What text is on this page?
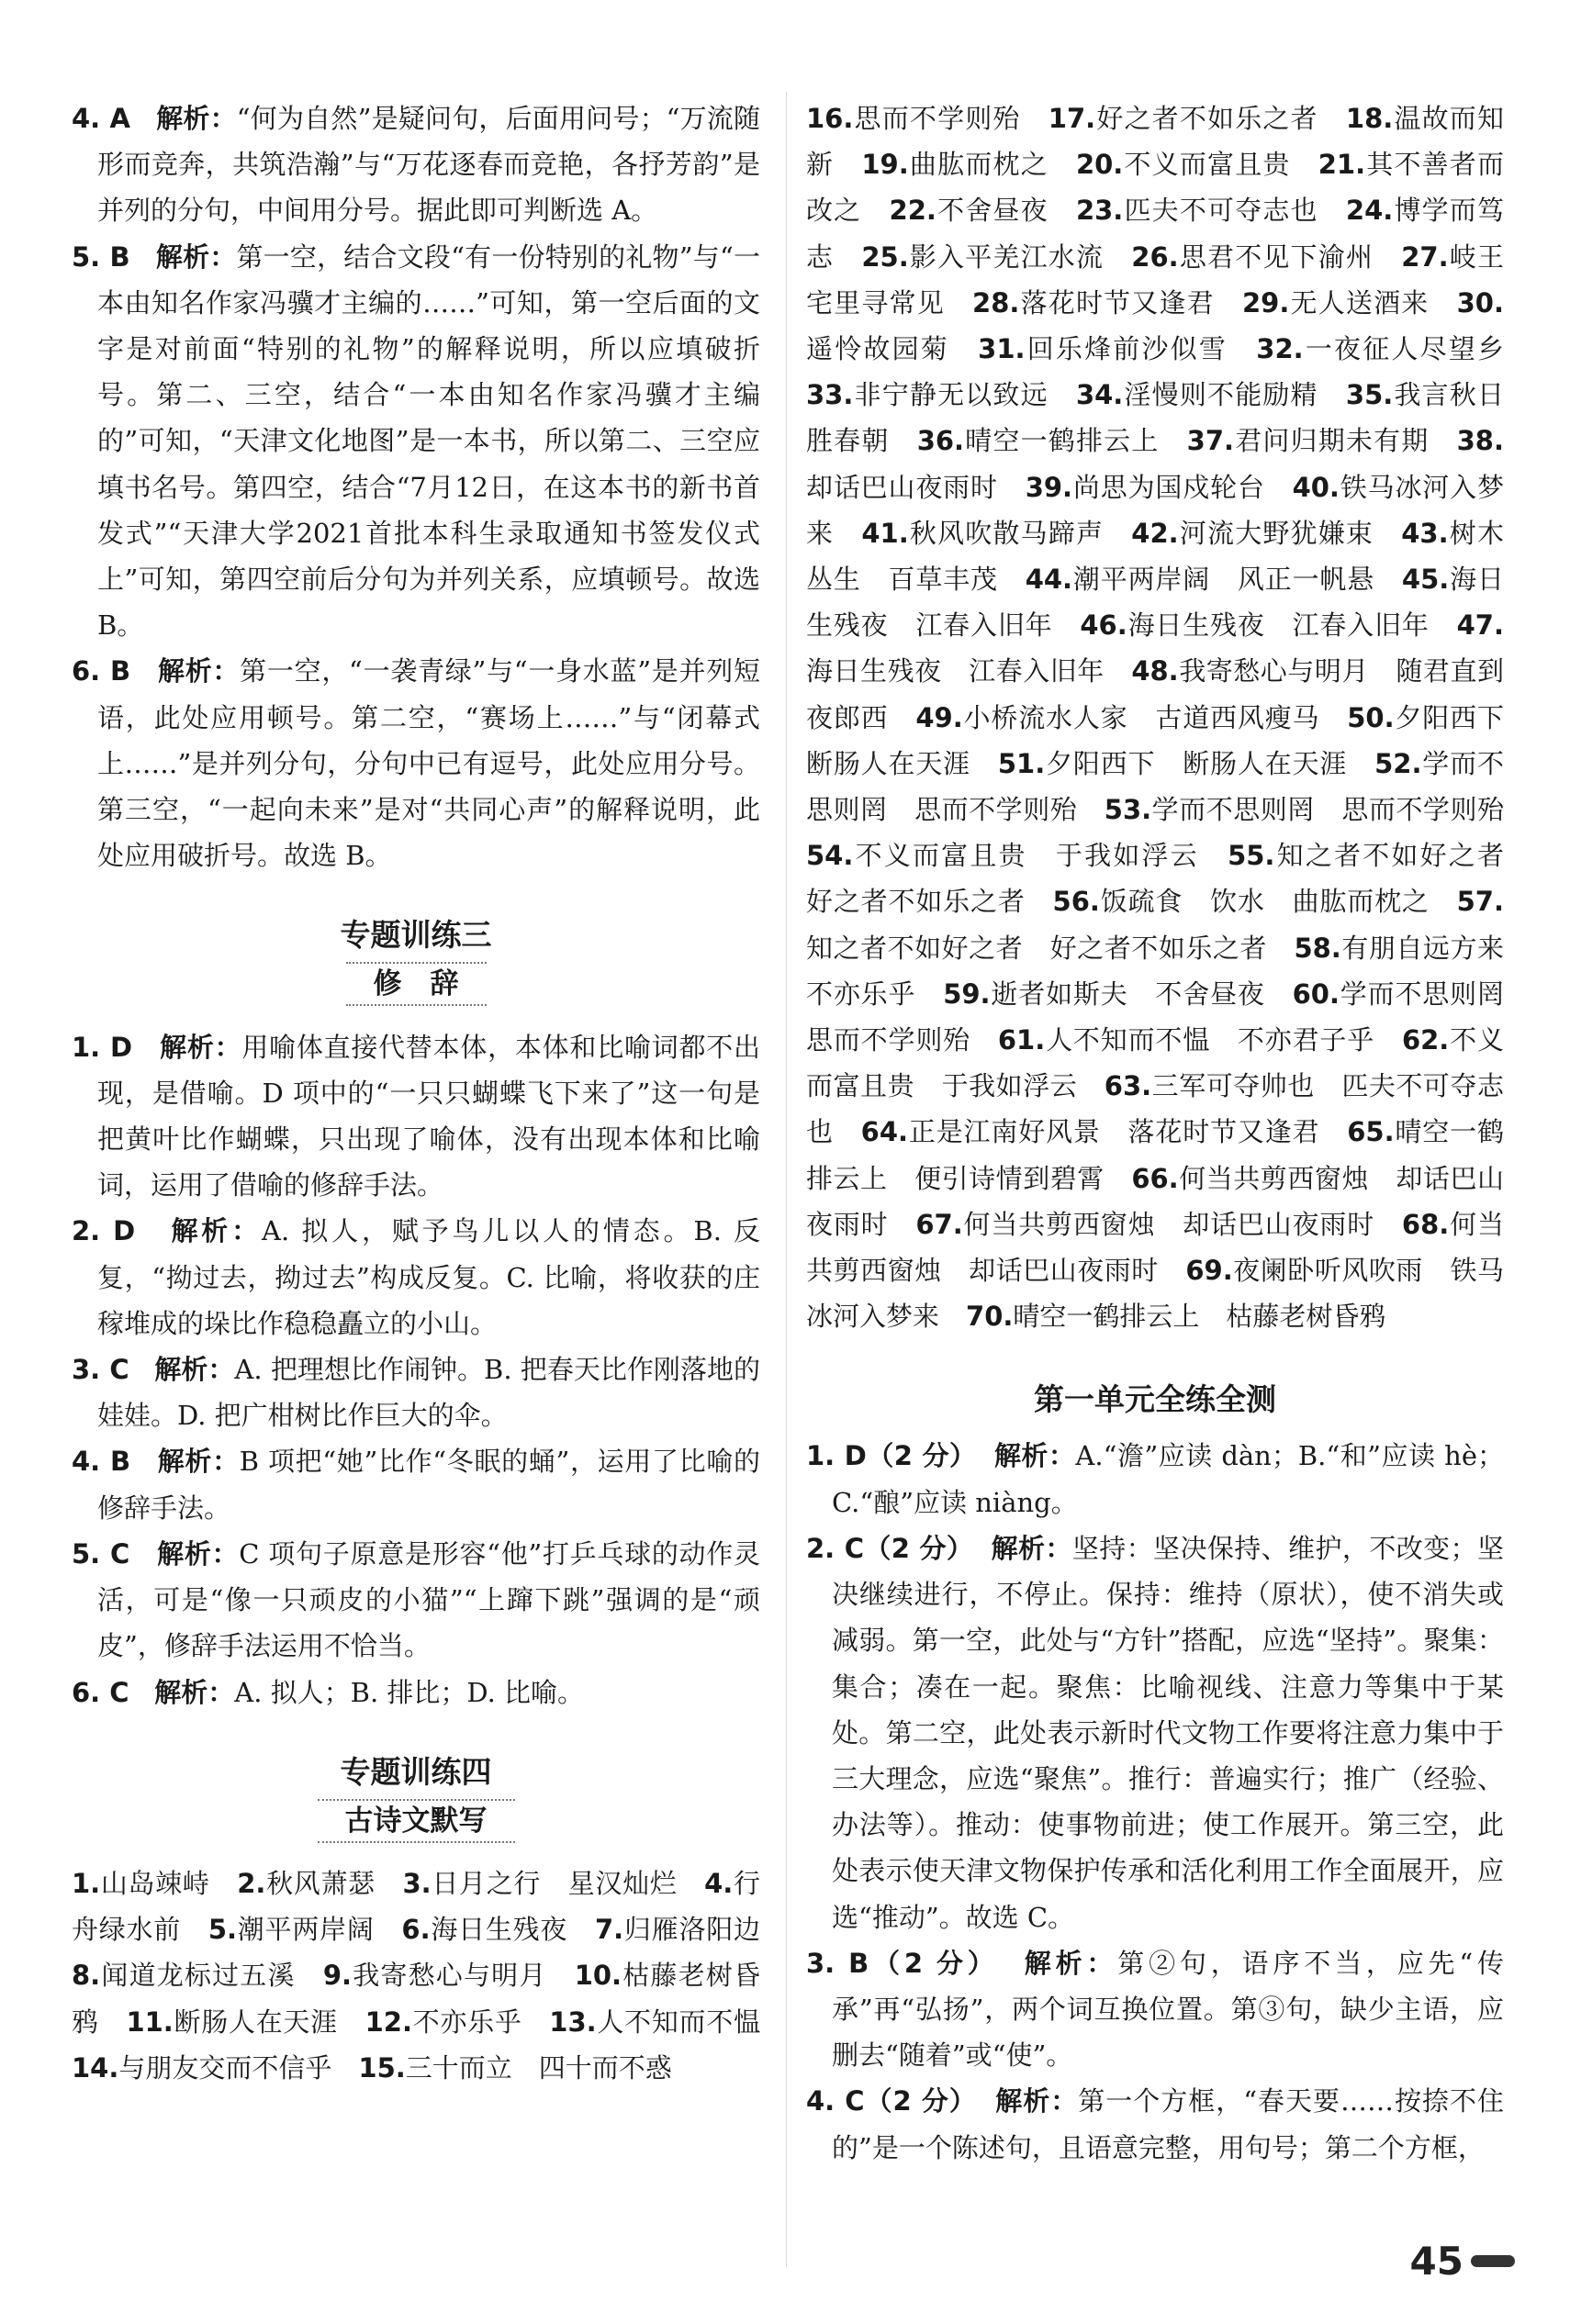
4. A 解析：“何为自然”是疑问句，后面用问号；“万流随形而竞奔，共筑浩瀚”与“万花逐春而竞艳，各抒芳韵”是并列的分句，中间用分号。据此即可判断选 A。

5. B 解析：第一空，结合文段“有一份特别的礼物”与“一本由知名作家冯骥才主编的……”可知，第一空后面的文字是对前面“特别的礼物”的解释说明，所以应填破折号。第二、三空，结合“一本由知名作家冯骥才主编的”可知，“天津文化地图”是一本书，所以第二、三空应填书名号。第四空，结合“7月12日，在这本书的新书首发式”“天津大学2021首批本科生录取通知书签发仪式上”可知，第四空前后分句为并列关系，应填顿号。故选 B。

6. B 解析：第一空，“一袭青绿”与“一身水蓝”是并列短语，此处应用顿号。第二空，“赛场上……”与“闭幕式上……”是并列分句，分句中已有逗号，此处应用分号。第三空，“一起向未来”是对“共同心声”的解释说明，此处应用破折号。故选 B。

专题训练三
修　辞

1. D 解析：用喻体直接代替本体，本体和比喻词都不出现，是借喻。D 项中的“一只只蝴蝶飞下来了”这一句是把黄叶比作蝴蝶，只出现了喻体，没有出现本体和比喻词，运用了借喻的修辞手法。

2. D 解析：A. 拟人，赋予鸟儿以人的情态。B. 反复，“拗过去，拗过去”构成反复。C. 比喻，将收获的庄稼堆成的垛比作稳稳矗立的小山。

3. C 解析：A. 把理想比作闹钟。B. 把春天比作刚落地的娃娃。D. 把广柑树比作巨大的伞。

4. B 解析：B 项把“她”比作“冬眠的蛹”，运用了比喻的修辞手法。

5. C 解析：C 项句子原意是形容“他”打乒乓球的动作灵活，可是“像一只顽皮的小猫”“上蹿下跳”强调的是“顽皮”，修辞手法运用不恰当。

6. C 解析：A. 拟人；B. 排比；D. 比喻。

专题训练四
古诗文默写

1.山岛竦峙　2.秋风萧瑟　3.日月之行　星汉灿烂　4.行舟绿水前　5.潮平两岸阔　6.海日生残夜　7.归雁洛阳边　8.闻道龙标过五溪　9.我寄愁心与明月　10.枯藤老树昏鸦　11.断肠人在天涯　12.不亦乐乎　13.人不知而不愠　14.与朋友交而不信乎　15.三十而立　四十而不惑

16.思而不学则殆　17.好之者不如乐之者　18.温故而知新　19.曲肱而枕之　20.不义而富且贵　21.其不善者而改之　22.不舍昼夜　23.匹夫不可夺志也　24.博学而笃志　25.影入平羌江水流　26.思君不见下渝州　27.岐王宅里寻常见　28.落花时节又逢君　29.无人送酒来　30.遥怜故园菊　31.回乐烽前沙似雪　32.一夜征人尽望乡　33.非宁静无以致远　34.淫慢则不能励精　35.我言秋日胜春朝　36.晴空一鹤排云上　37.君问归期未有期　38.却话巴山夜雨时　39.尚思为国戍轮台　40.铁马冰河入梦来　41.秋风吹散马蹄声　42.河流大野犹嫌束　43.树木丛生　百草丰茂　44.潮平两岸阔　风正一帆悬　45.海日生残夜　江春入旧年　46.海日生残夜　江春入旧年　47.海日生残夜　江春入旧年　48.我寄愁心与明月　随君直到夜郎西　49.小桥流水人家　古道西风瘦马　50.夕阳西下　断肠人在天涯　51.夕阳西下　断肠人在天涯　52.学而不思则罔　思而不学则殆　53.学而不思则罔　思而不学则殆　54.不义而富且贵　于我如浮云　55.知之者不如好之者　好之者不如乐之者　56.饭疏食　饮水　曲肱而枕之　57.知之者不如好之者　好之者不如乐之者　58.有朋自远方来　不亦乐乎　59.逝者如斯夫　不舍昼夜　60.学而不思则罔　思而不学则殆　61.人不知而不愠　不亦君子乎　62.不义而富且贵　于我如浮云　63.三军可夺帅也　匹夫不可夺志也　64.正是江南好风景　落花时节又逢君　65.晴空一鹤排云上　便引诗情到碧霄　66.何当共剪西窗烛　却话巴山夜雨时　67.何当共剪西窗烛　却话巴山夜雨时　68.何当共剪西窗烛　却话巴山夜雨时　69.夜阑卧听风吹雨　铁马冰河入梦来　70.晴空一鹤排云上　枯藤老树昏鸦

第一单元全练全测

1. D（2 分） 解析：A.“澹”应读 dàn；B.“和”应读 hè；C.“酿”应读 niàng。

2. C（2 分） 解析：坚持：坚决保持、维护，不改变；坚决继续进行，不停止。保持：维持（原状），使不消失或减弱。第一空，此处与“方针”搭配，应选“坚持”。聚集：集合；凑在一起。聚焦：比喻视线、注意力等集中于某处。第二空，此处表示新时代文物工作要将注意力集中于三大理念，应选“聚焦”。推行：普遍实行；推广（经验、办法等）。推动：使事物前进；使工作展开。第三空，此处表示使天津文物保护传承和活化利用工作全面展开，应选“推动”。故选 C。

3. B（2 分） 解析：第②句，语序不当，应先“传承”再“弘扬”，两个词互换位置。第③句，缺少主语，应删去“随着”或“使”。

4. C（2 分） 解析：第一个方框，“春天要……按捺不住的”是一个陈述句，且语意完整，用句号；第二个方框，

45
